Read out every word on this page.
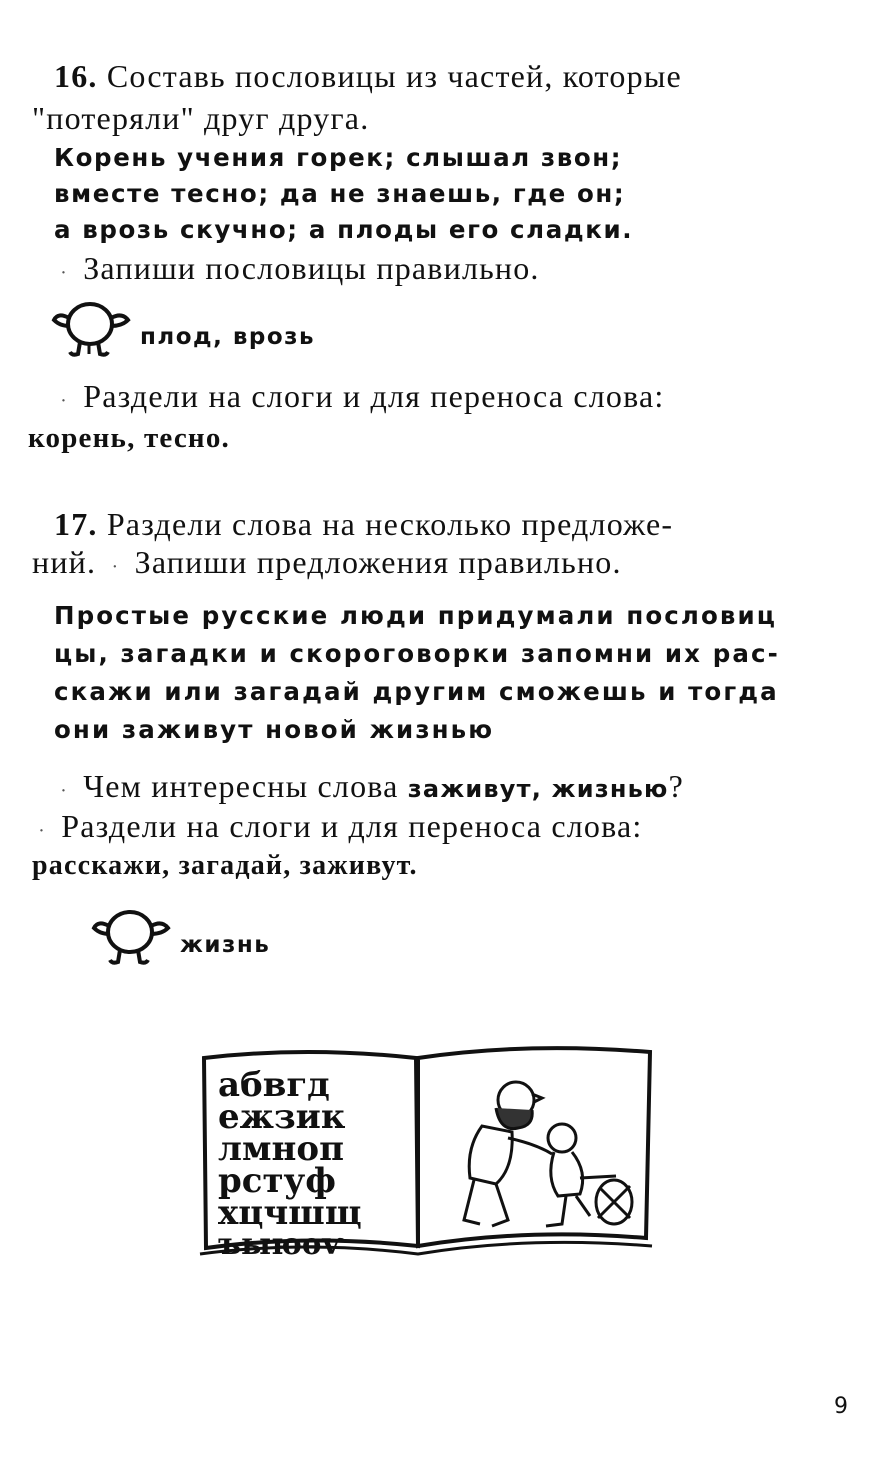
16. Составь пословицы из частей, которые
"потеряли" друг друга.
Корень учения горек; слышал звон;
вместе тесно; да не знаешь, где он;
а врозь скучно; а плоды его сладки.
· Запиши пословицы правильно.
плод, врозь
· Раздели на слоги и для переноса слова:
корень, тесно.
17. Раздели слова на несколько предложе-
ний. · Запиши предложения правильно.
Простые русские люди придумали пословиц
цы, загадки и скороговорки запомни их рас-
скажи или загадай другим сможешь и тогда
они заживут новой жизнью
· Чем интересны слова заживут, жизнью?
· Раздели на слоги и для переноса слова:
расскажи, загадай, заживут.
жизнь
абвгд
ежзик
лмноп
рстуф
хцчшщ
ъыюѳѵ
9
